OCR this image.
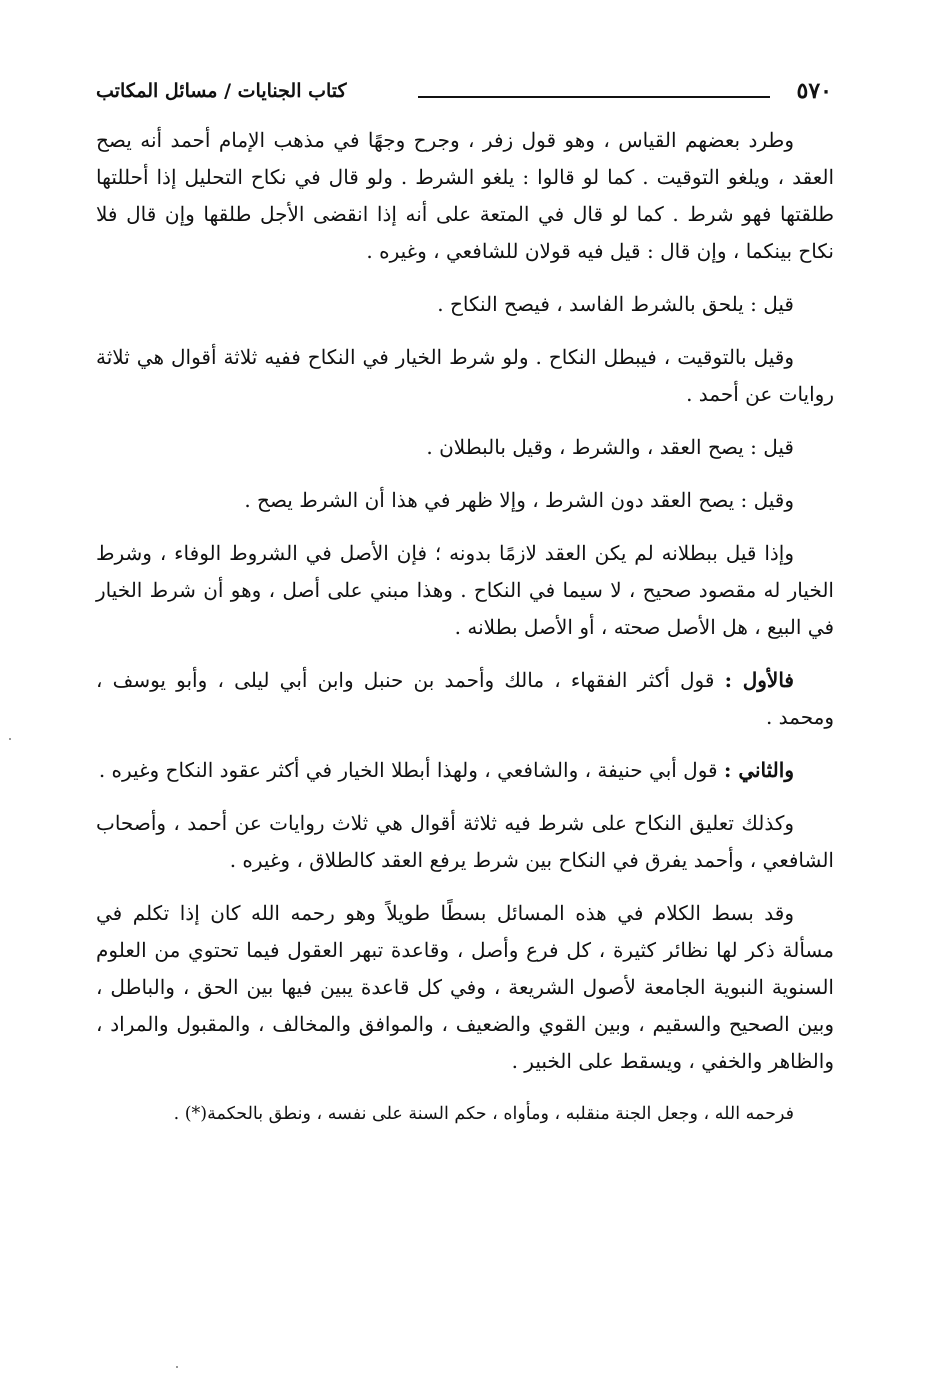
٥٧٠
كتاب الجنايات / مسائل المكاتب

وطرد بعضهم القياس ، وهو قول زفر ، وجرح وجهًا في مذهب الإمام أحمد أنه يصح العقد ، ويلغو التوقيت . كما لو قالوا : يلغو الشرط . ولو قال في نكاح التحليل إذا أحللتها طلقتها فهو شرط . كما لو قال في المتعة على أنه إذا انقضى الأجل طلقها وإن قال فلا نكاح بينكما ، وإن قال : قيل فيه قولان للشافعي ، وغيره .

قيل : يلحق بالشرط الفاسد ، فيصح النكاح .

وقيل بالتوقيت ، فيبطل النكاح . ولو شرط الخيار في النكاح ففيه ثلاثة أقوال هي ثلاثة روايات عن أحمد .

قيل : يصح العقد ، والشرط ، وقيل بالبطلان .

وقيل : يصح العقد دون الشرط ، وإلا ظهر في هذا أن الشرط يصح .

وإذا قيل ببطلانه لم يكن العقد لازمًا بدونه ؛ فإن الأصل في الشروط الوفاء ، وشرط الخيار له مقصود صحيح ، لا سيما في النكاح . وهذا مبني على أصل ، وهو أن شرط الخيار في البيع ، هل الأصل صحته ، أو الأصل بطلانه .

فالأول : قول أكثر الفقهاء ، مالك وأحمد بن حنبل وابن أبي ليلى ، وأبو يوسف ، ومحمد .

والثاني : قول أبي حنيفة ، والشافعي ، ولهذا أبطلا الخيار في أكثر عقود النكاح وغيره .

وكذلك تعليق النكاح على شرط فيه ثلاثة أقوال هي ثلاث روايات عن أحمد ، وأصحاب الشافعي ، وأحمد يفرق في النكاح بين شرط يرفع العقد كالطلاق ، وغيره .

وقد بسط الكلام في هذه المسائل بسطًا طويلاً وهو رحمه الله كان إذا تكلم في مسألة ذكر لها نظائر كثيرة ، كل فرع وأصل ، وقاعدة تبهر العقول فيما تحتوي من العلوم السنوية النبوية الجامعة لأصول الشريعة ، وفي كل قاعدة يبين فيها بين الحق ، والباطل ، وبين الصحيح والسقيم ، وبين القوي والضعيف ، والموافق والمخالف ، والمقبول والمراد ، والظاهر والخفي ، ويسقط على الخبير .

فرحمه الله ، وجعل الجنة منقلبه ، ومأواه ، حكم السنة على نفسه ، ونطق بالحكمة(*) .
